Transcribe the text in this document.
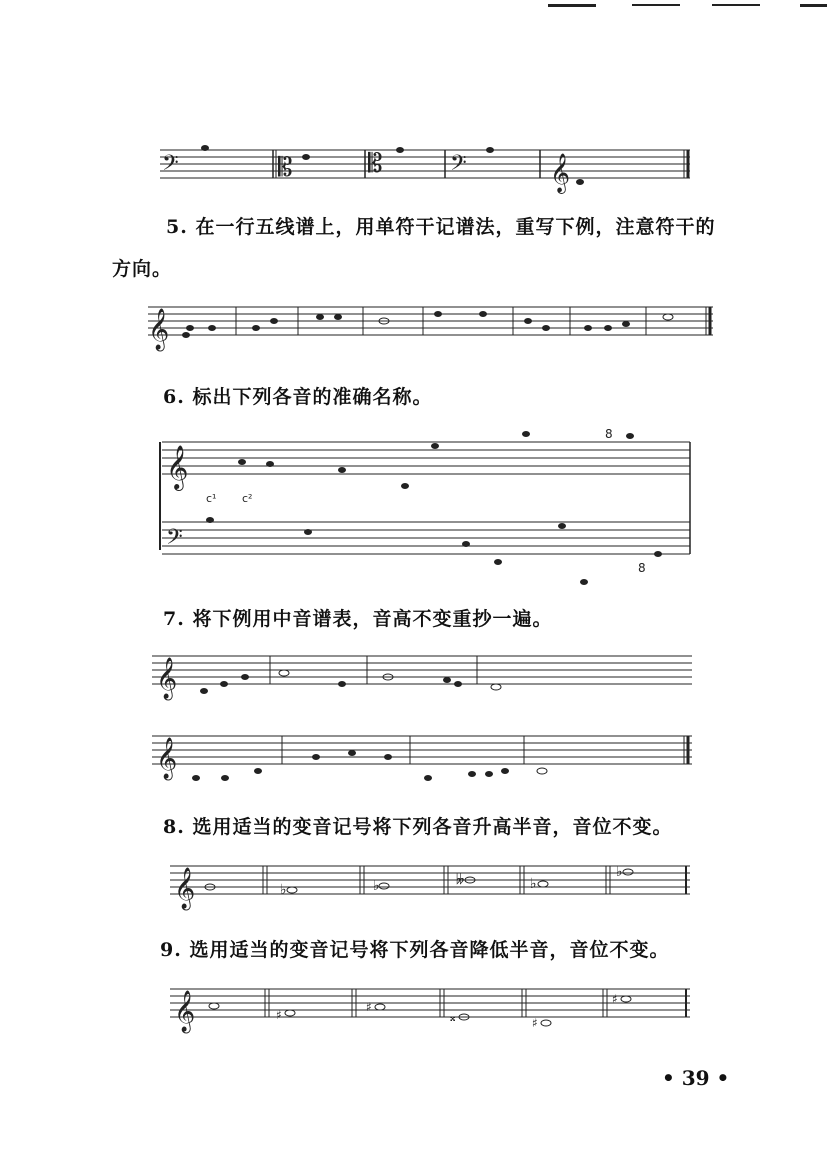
𝄢	𝄡	𝄡	𝄢 𝄞
5. 在一行五线谱上，用单符干记谱法，重写下例，注意符干的
方向。
𝄞
6. 标出下列各音的准确名称。
𝄞
8
c¹ c²
𝄢
8
7. 将下例用中音谱表，音高不变重抄一遍。
𝄞
𝄞
8. 选用适当的变音记号将下列各音升高半音，音位不变。
𝄞	♭	♭	𝄫	♭
♭
9. 选用适当的变音记号将下列各音降低半音，音位不变。
𝄞	♯
♯
𝄪	♯
♯
• 39 •
